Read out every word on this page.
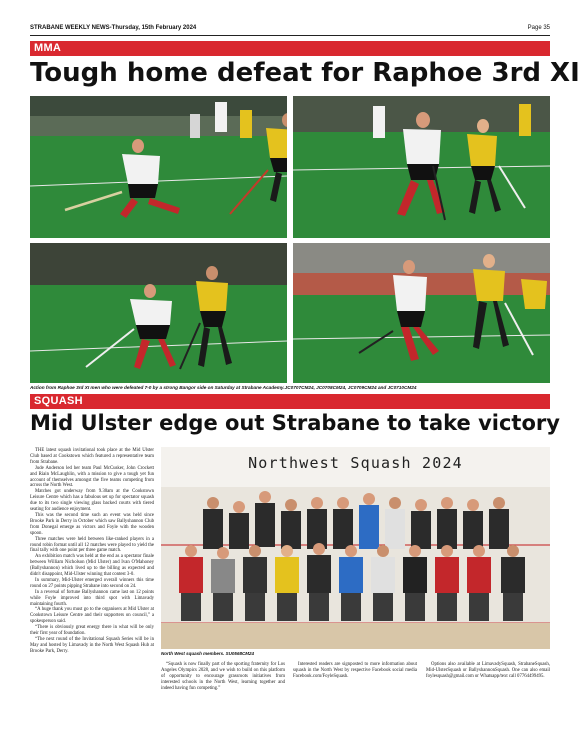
STRABANE WEEKLY NEWS-Thursday, 15th February 2024	Page 35
MMA
Tough home defeat for Raphoe 3rd XI
Action from Raphoe 3rd XI men who were defeated 7-0 by a strong Bangor side on Saturday at Strabane Academy.JC0707CM24, JC0708CM24, JC0709CM24 and JC0710CM24
SQUASH
Mid Ulster edge out Strabane to take victory

THE latest squash invitational took place at the Mid Ulster Club based at Cookstown which featured a representative team from Strabane.

Jude Anderson led her team Paul McCusker, John Crockett and Riain McLaughlin, with a mission to give a tough yet fun account of themselves amongst the five teams competing from across the North West.

Matches got underway from 9.30am at the Cookstown Leisure Centre which has a fabulous set up for spectator squash due to its two single viewing glass backed courts with tiered seating for audience enjoyment.

This was the second time such an event was held since Brooke Park in Derry in October which saw Ballyshannon Club from Donegal emerge as victors and Foyle with the wooden spoon.

Three matches were held between like-ranked players in a round robin format until all 12 matches were played to yield the final tally with one point per three game match.

An exhibition match was held at the end as a spectator finale between William Nicholson (Mid Ulster) and Ivan O'Mahoney (Ballyshannon) which lived up to the billing as expected and didn't disappoint, Mid-Ulster winning that contest 3-0.

In summary, Mid-Ulster emerged overall winners this time round on 27 points pipping Strabane into second on 24.

In a reversal of fortune Ballyshannon came last on 12 points while Foyle improved into third spot with Limavady maintaining fourth.

“A huge thank you must go to the organisers at Mid Ulster at Cookstown Leisure Centre and their supporters on council,” a spokesperson said.

“There is obviously great energy there in what will be only their first year of foundation.

“The next round of the Invitational Squash Series will be in May and hosted by Limavady in the North West Squash Hub at Brooke Park, Derry.

Northwest Squash 2024
North West squash members. SU0568CM24

“Squash is now finally part of the sporting fraternity for Los Angeles Olympics 2028, and we wish to build on this platform of opportunity to encourage grassroots initiatives from interested schools in the North West, learning together and indeed having fun competing.”

Interested readers are signposted to more information about squash in the North West by respective Facebook social media Facebook.com/FoyleSquash.

Options also available at LimavadySquash, StrabaneSquash, Mid-UlsterSquash or BallyshannonSquash. One can also email foylesquash@gmail.com or Whatsapp/text call 07764499495.
